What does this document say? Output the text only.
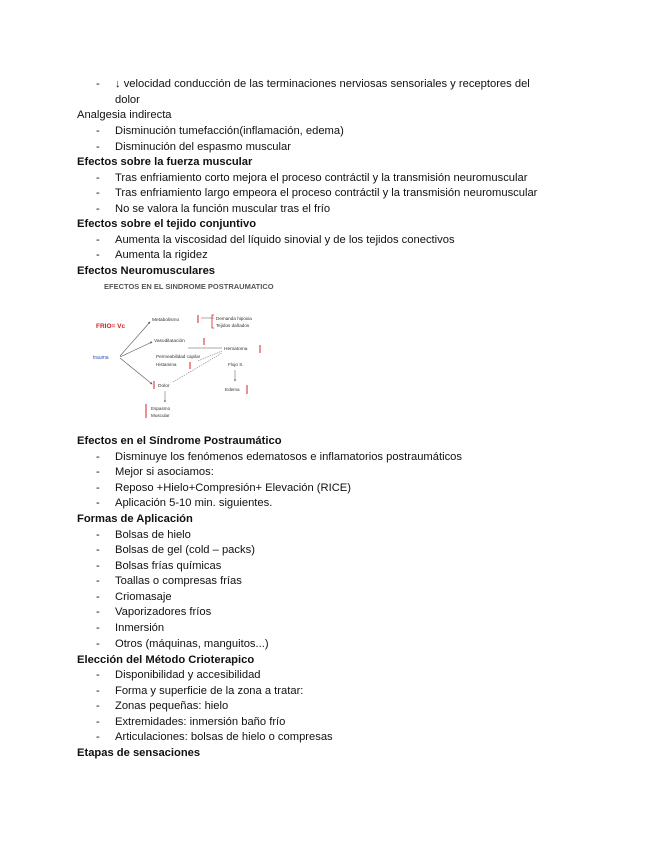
- ↓ velocidad conducción de las terminaciones nerviosas sensoriales y receptores del
dolor
Analgesia indirecta
- Disminución tumefacción(inflamación, edema)
- Disminución del espasmo muscular
Efectos sobre la fuerza muscular
- Tras enfriamiento corto mejora el proceso contráctil y la transmisión neuromuscular
- Tras enfriamiento largo empeora el proceso contráctil y la transmisión neuromuscular
- No se valora la función muscular tras el frío
Efectos sobre el tejido conjuntivo
- Aumenta la viscosidad del líquido sinovial y de los tejidos conectivos
- Aumenta la rigidez
Efectos Neuromusculares
EFECTOS EN EL SINDROME POSTRAUMATICO
FRIO= Vc
trauma
Metabolismo	Demanda hipoxia
Tejidos dañados
Vasodilatación
Hematoma
Permeabilidad capilar
Histamina	Flujo S.
Edema
Dolor
Espasmo
Muscular
Efectos en el Síndrome Postraumático
- Disminuye los fenómenos edematosos e inflamatorios postraumáticos
- Mejor si asociamos:
- Reposo +Hielo+Compresión+ Elevación (RICE)
- Aplicación 5-10 min. siguientes.
Formas de Aplicación
- Bolsas de hielo
- Bolsas de gel (cold – packs)
- Bolsas frías químicas
- Toallas o compresas frías
- Criomasaje
- Vaporizadores fríos
- Inmersión
- Otros (máquinas, manguitos...)
Elección del Método Crioterapico
- Disponibilidad y accesibilidad
- Forma y superficie de la zona a tratar:
- Zonas pequeñas: hielo
- Extremidades: inmersión baño frío
- Articulaciones: bolsas de hielo o compresas
Etapas de sensaciones
